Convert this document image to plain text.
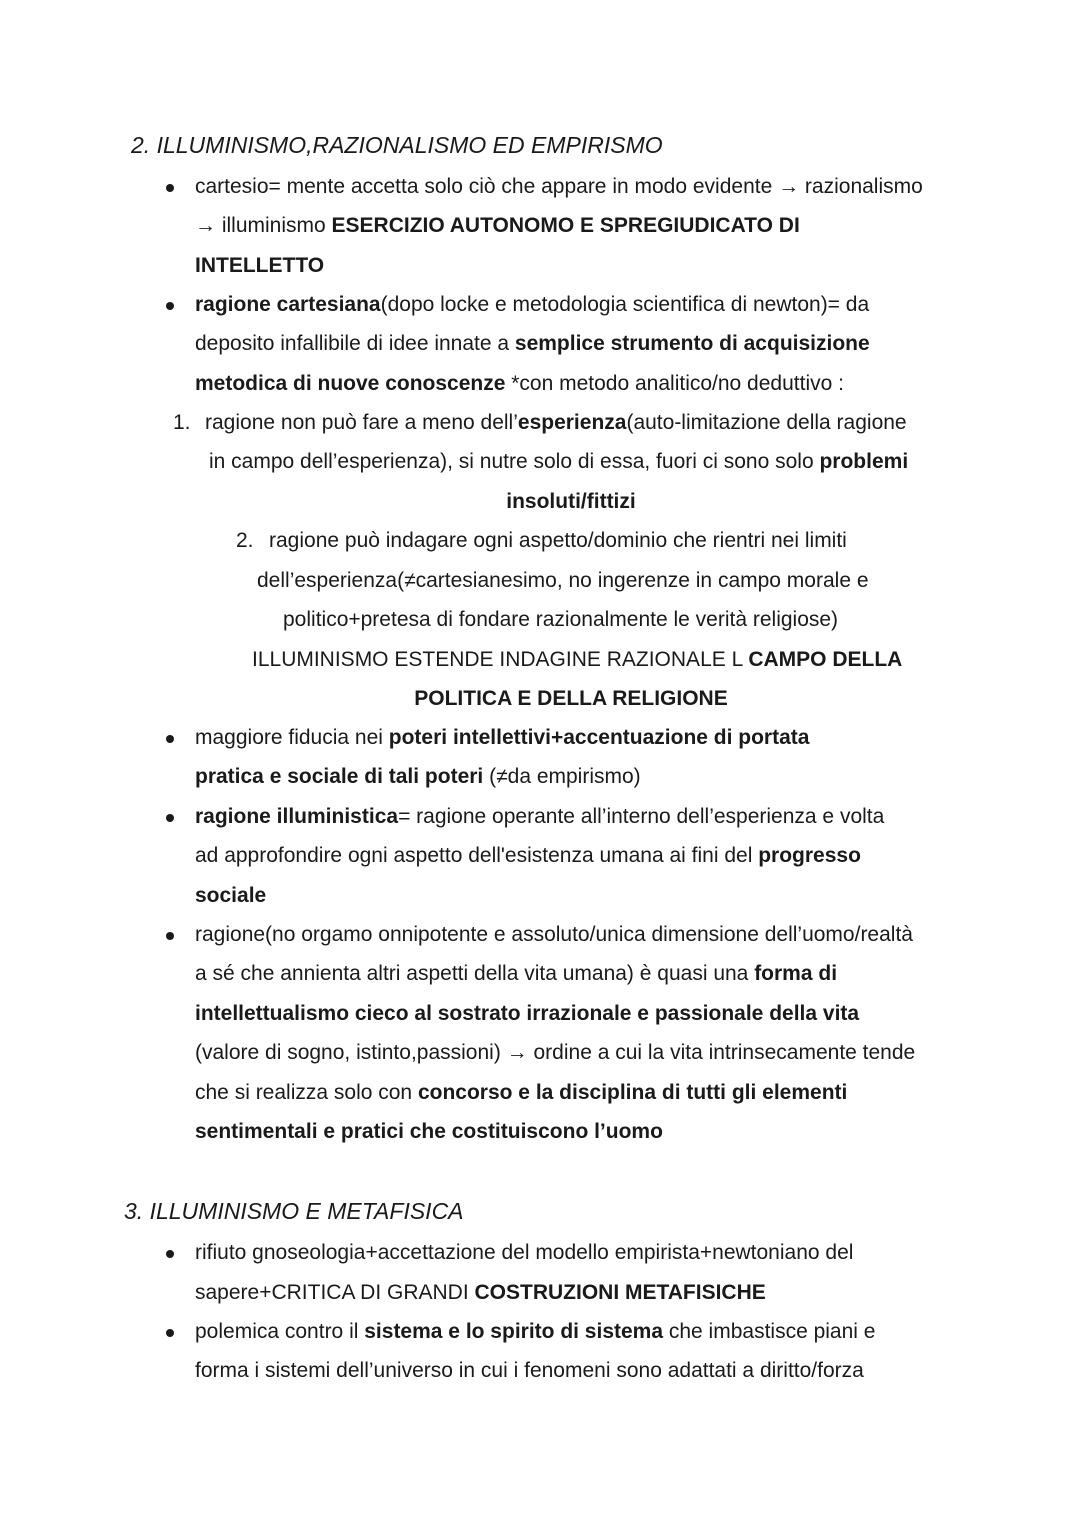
2. ILLUMINISMO,RAZIONALISMO ED EMPIRISMO
cartesio= mente accetta solo ciò che appare in modo evidente → razionalismo
→ illuminismo ESERCIZIO AUTONOMO E SPREGIUDICATO DI
INTELLETTO
ragione cartesiana(dopo locke e metodologia scientifica di newton)= da
deposito infallibile di idee innate a semplice strumento di acquisizione
metodica di nuove conoscenze *con metodo analitico/no deduttivo :
1. ragione non può fare a meno dell’esperienza(auto-limitazione della ragione
in campo dell’esperienza), si nutre solo di essa, fuori ci sono solo problemi
insoluti/fittizi
2. ragione può indagare ogni aspetto/dominio che rientri nei limiti
dell’esperienza(≠cartesianesimo, no ingerenze in campo morale e
politico+pretesa di fondare razionalmente le verità religiose)
ILLUMINISMO ESTENDE INDAGINE RAZIONALE L CAMPO DELLA
POLITICA E DELLA RELIGIONE
maggiore fiducia nei poteri intellettivi+accentuazione di portata
pratica e sociale di tali poteri (≠da empirismo)
ragione illuministica= ragione operante all’interno dell’esperienza e volta
ad approfondire ogni aspetto dell'esistenza umana ai fini del progresso
sociale
ragione(no orgamo onnipotente e assoluto/unica dimensione dell’uomo/realtà
a sé che annienta altri aspetti della vita umana) è quasi una forma di
intellettualismo cieco al sostrato irrazionale e passionale della vita
(valore di sogno, istinto,passioni) → ordine a cui la vita intrinsecamente tende
che si realizza solo con concorso e la disciplina di tutti gli elementi
sentimentali e pratici che costituiscono l’uomo
3. ILLUMINISMO E METAFISICA
rifiuto gnoseologia+accettazione del modello empirista+newtoniano del
sapere+CRITICA DI GRANDI COSTRUZIONI METAFISICHE
polemica contro il sistema e lo spirito di sistema che imbastisce piani e
forma i sistemi dell’universo in cui i fenomeni sono adattati a diritto/forza
